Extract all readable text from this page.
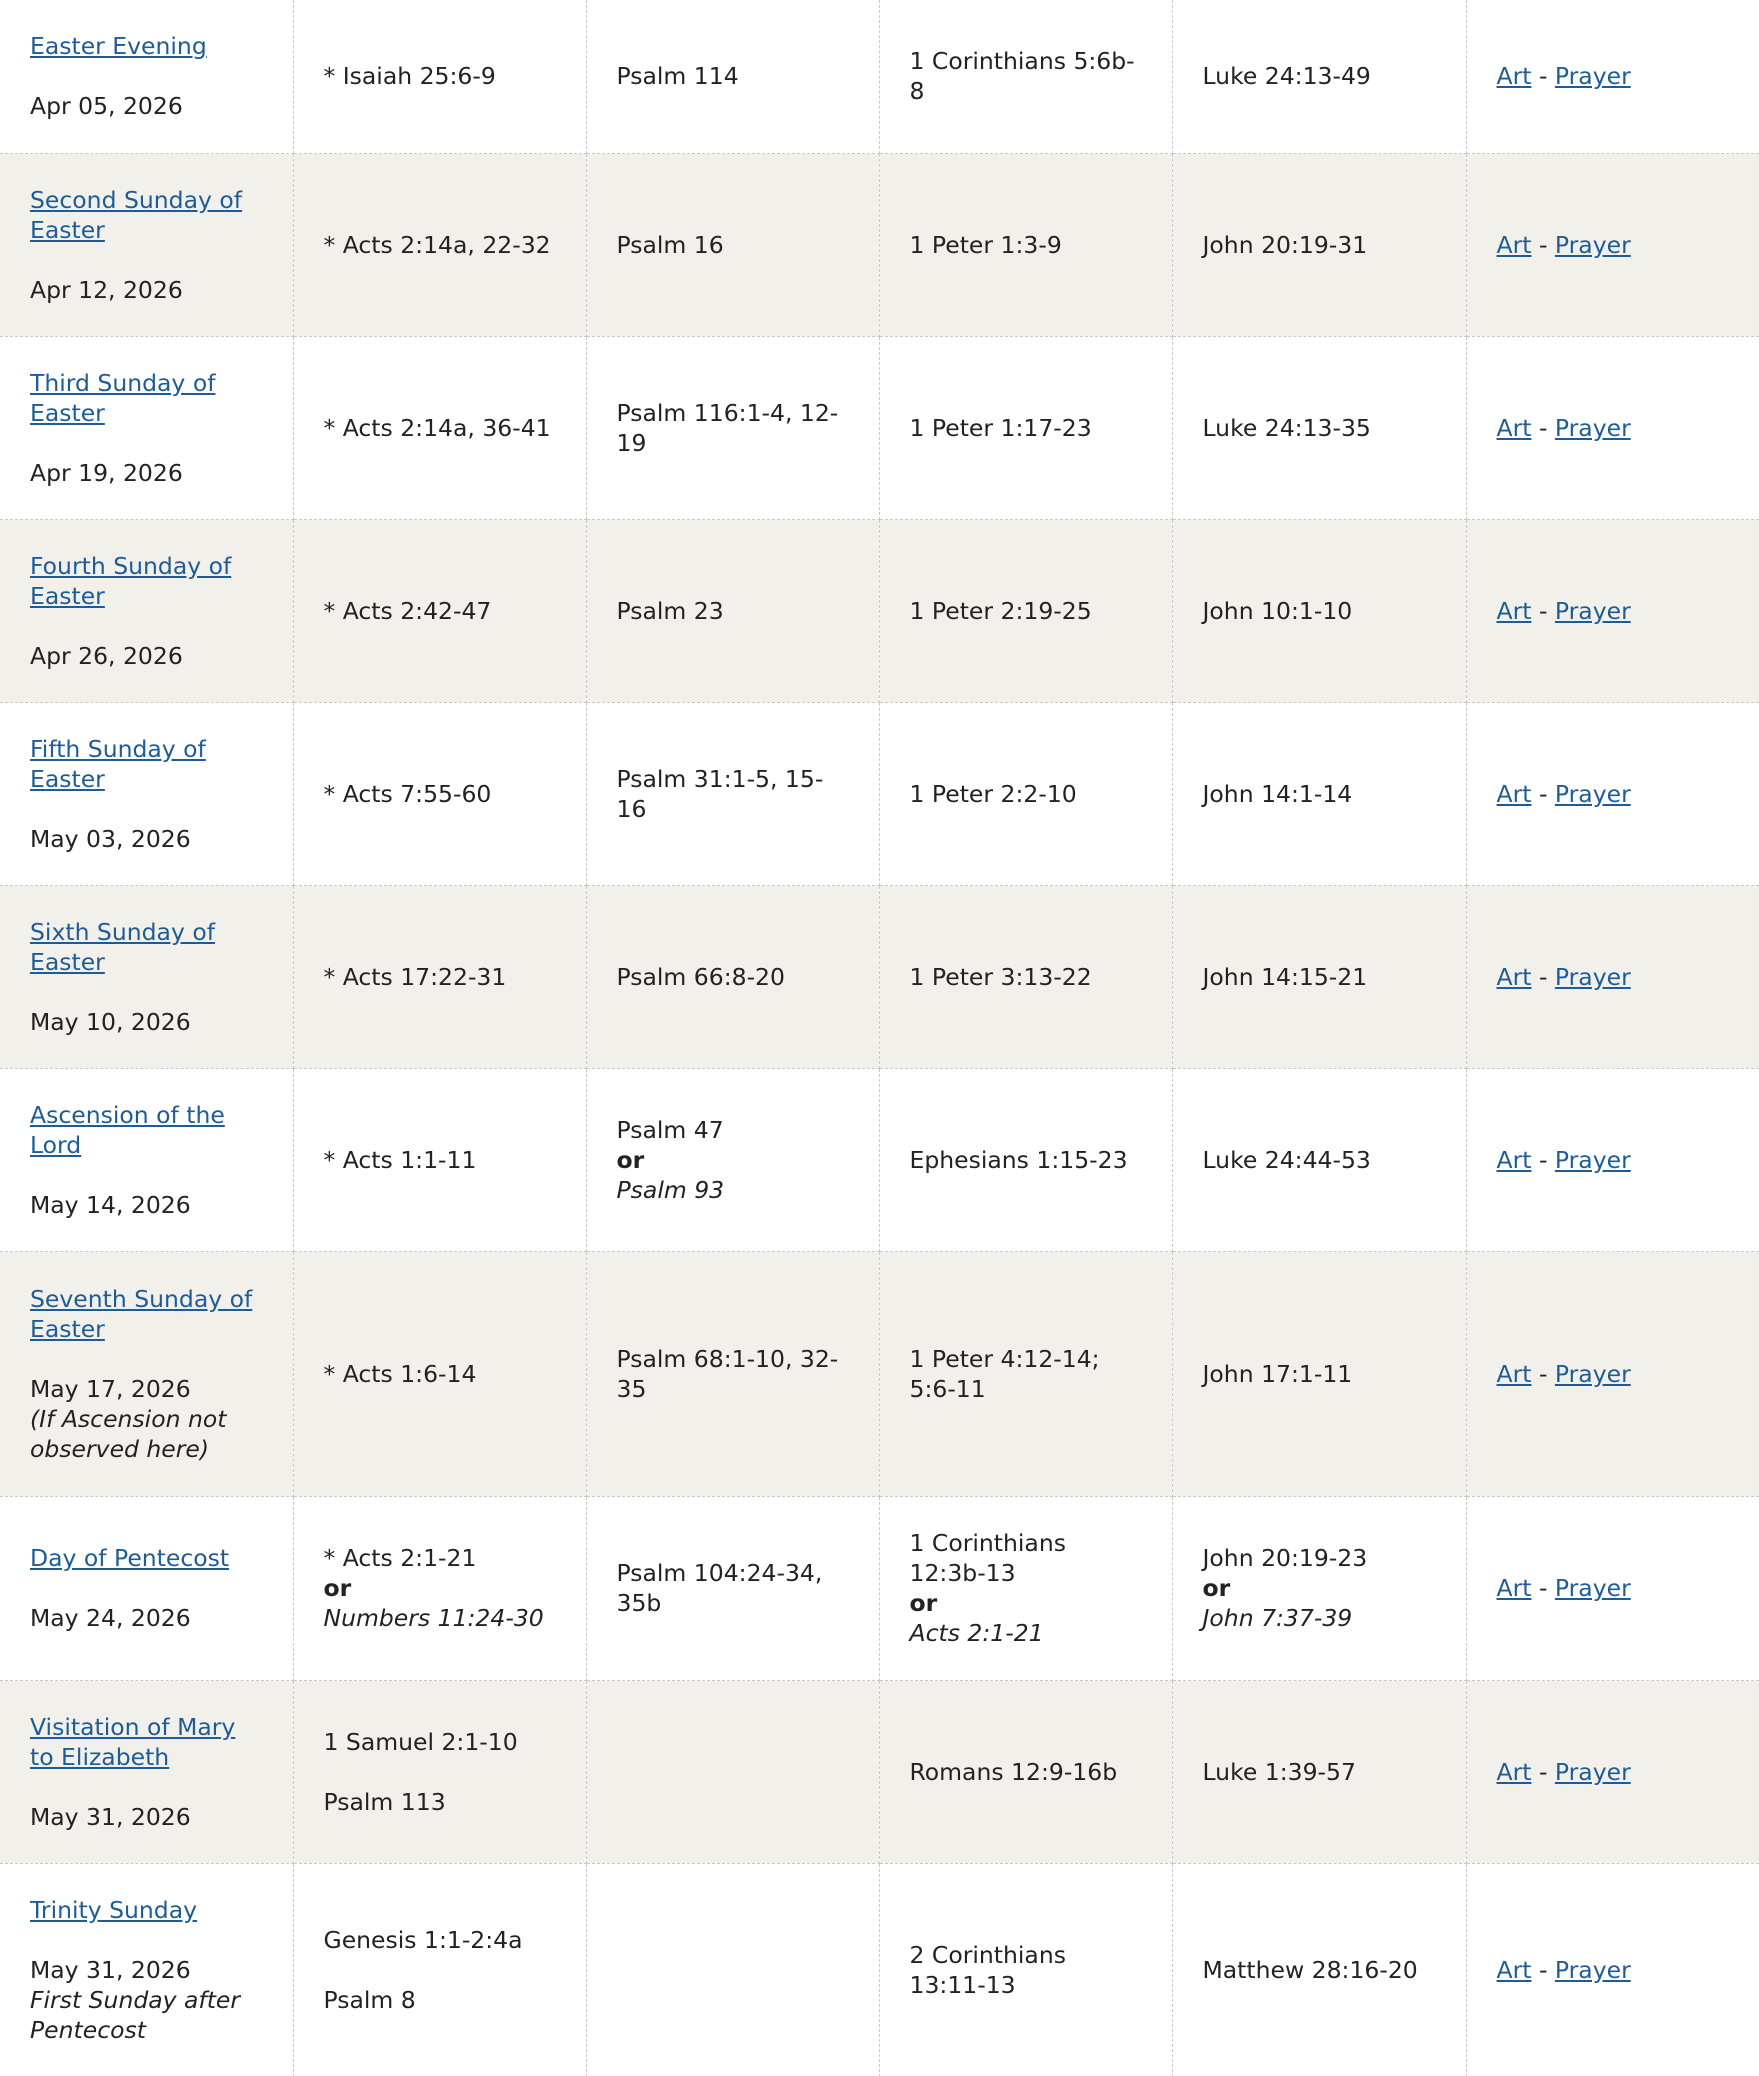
Easter Evening
Apr 05, 2026	* Isaiah 25:6-9	Psalm 114	1 Corinthians 5:6b-8	Luke 24:13-49	Art - Prayer
Second Sunday of Easter
Apr 12, 2026	* Acts 2:14a, 22-32	Psalm 16	1 Peter 1:3-9	John 20:19-31	Art - Prayer
Third Sunday of Easter
Apr 19, 2026	* Acts 2:14a, 36-41	Psalm 116:1-4, 12-19	1 Peter 1:17-23	Luke 24:13-35	Art - Prayer
Fourth Sunday of Easter
Apr 26, 2026	* Acts 2:42-47	Psalm 23	1 Peter 2:19-25	John 10:1-10	Art - Prayer
Fifth Sunday of Easter
May 03, 2026	* Acts 7:55-60	Psalm 31:1-5, 15-16	1 Peter 2:2-10	John 14:1-14	Art - Prayer
Sixth Sunday of Easter
May 10, 2026	* Acts 17:22-31	Psalm 66:8-20	1 Peter 3:13-22	John 14:15-21	Art - Prayer
Ascension of the Lord
May 14, 2026	* Acts 1:1-11	Psalm 47
or
Psalm 93	Ephesians 1:15-23	Luke 24:44-53	Art - Prayer
Seventh Sunday of Easter
May 17, 2026
(If Ascension not observed here)	* Acts 1:6-14	Psalm 68:1-10, 32-35	1 Peter 4:12-14; 5:6-11	John 17:1-11	Art - Prayer
Day of Pentecost
May 24, 2026	* Acts 2:1-21
or
Numbers 11:24-30	Psalm 104:24-34, 35b	1 Corinthians 12:3b-13
or
Acts 2:1-21	John 20:19-23
or
John 7:37-39	Art - Prayer
Visitation of Mary to Elizabeth
May 31, 2026	1 Samuel 2:1-10
Psalm 113		Romans 12:9-16b	Luke 1:39-57	Art - Prayer
Trinity Sunday
May 31, 2026
First Sunday after Pentecost	Genesis 1:1-2:4a
Psalm 8		2 Corinthians 13:11-13	Matthew 28:16-20	Art - Prayer
